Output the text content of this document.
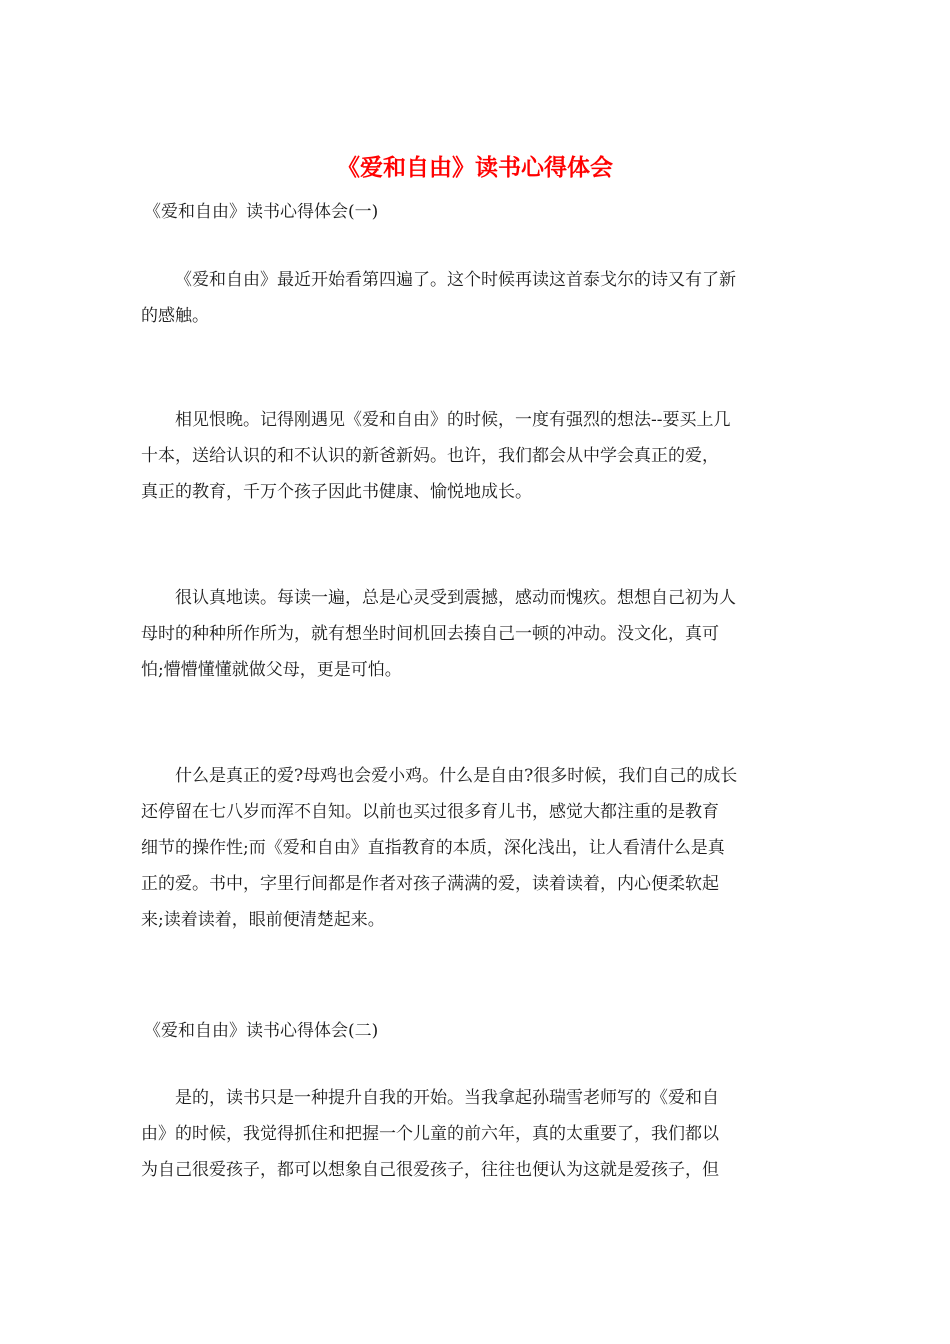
《爱和自由》读书心得体会
《爱和自由》读书心得体会(一)
《爱和自由》最近开始看第四遍了。这个时候再读这首泰戈尔的诗又有了新
的感触。
相见恨晚。记得刚遇见《爱和自由》的时候，一度有强烈的想法--要买上几
十本，送给认识的和不认识的新爸新妈。也许，我们都会从中学会真正的爱，
真正的教育，千万个孩子因此书健康、愉悦地成长。
很认真地读。每读一遍，总是心灵受到震撼，感动而愧疚。想想自己初为人
母时的种种所作所为，就有想坐时间机回去揍自己一顿的冲动。没文化，真可
怕;懵懵懂懂就做父母，更是可怕。
什么是真正的爱?母鸡也会爱小鸡。什么是自由?很多时候，我们自己的成长
还停留在七八岁而浑不自知。以前也买过很多育儿书，感觉大都注重的是教育
细节的操作性;而《爱和自由》直指教育的本质，深化浅出，让人看清什么是真
正的爱。书中，字里行间都是作者对孩子满满的爱，读着读着，内心便柔软起
来;读着读着，眼前便清楚起来。
《爱和自由》读书心得体会(二)
是的，读书只是一种提升自我的开始。当我拿起孙瑞雪老师写的《爱和自
由》的时候，我觉得抓住和把握一个儿童的前六年，真的太重要了，我们都以
为自己很爱孩子，都可以想象自己很爱孩子，往往也便认为这就是爱孩子，但
